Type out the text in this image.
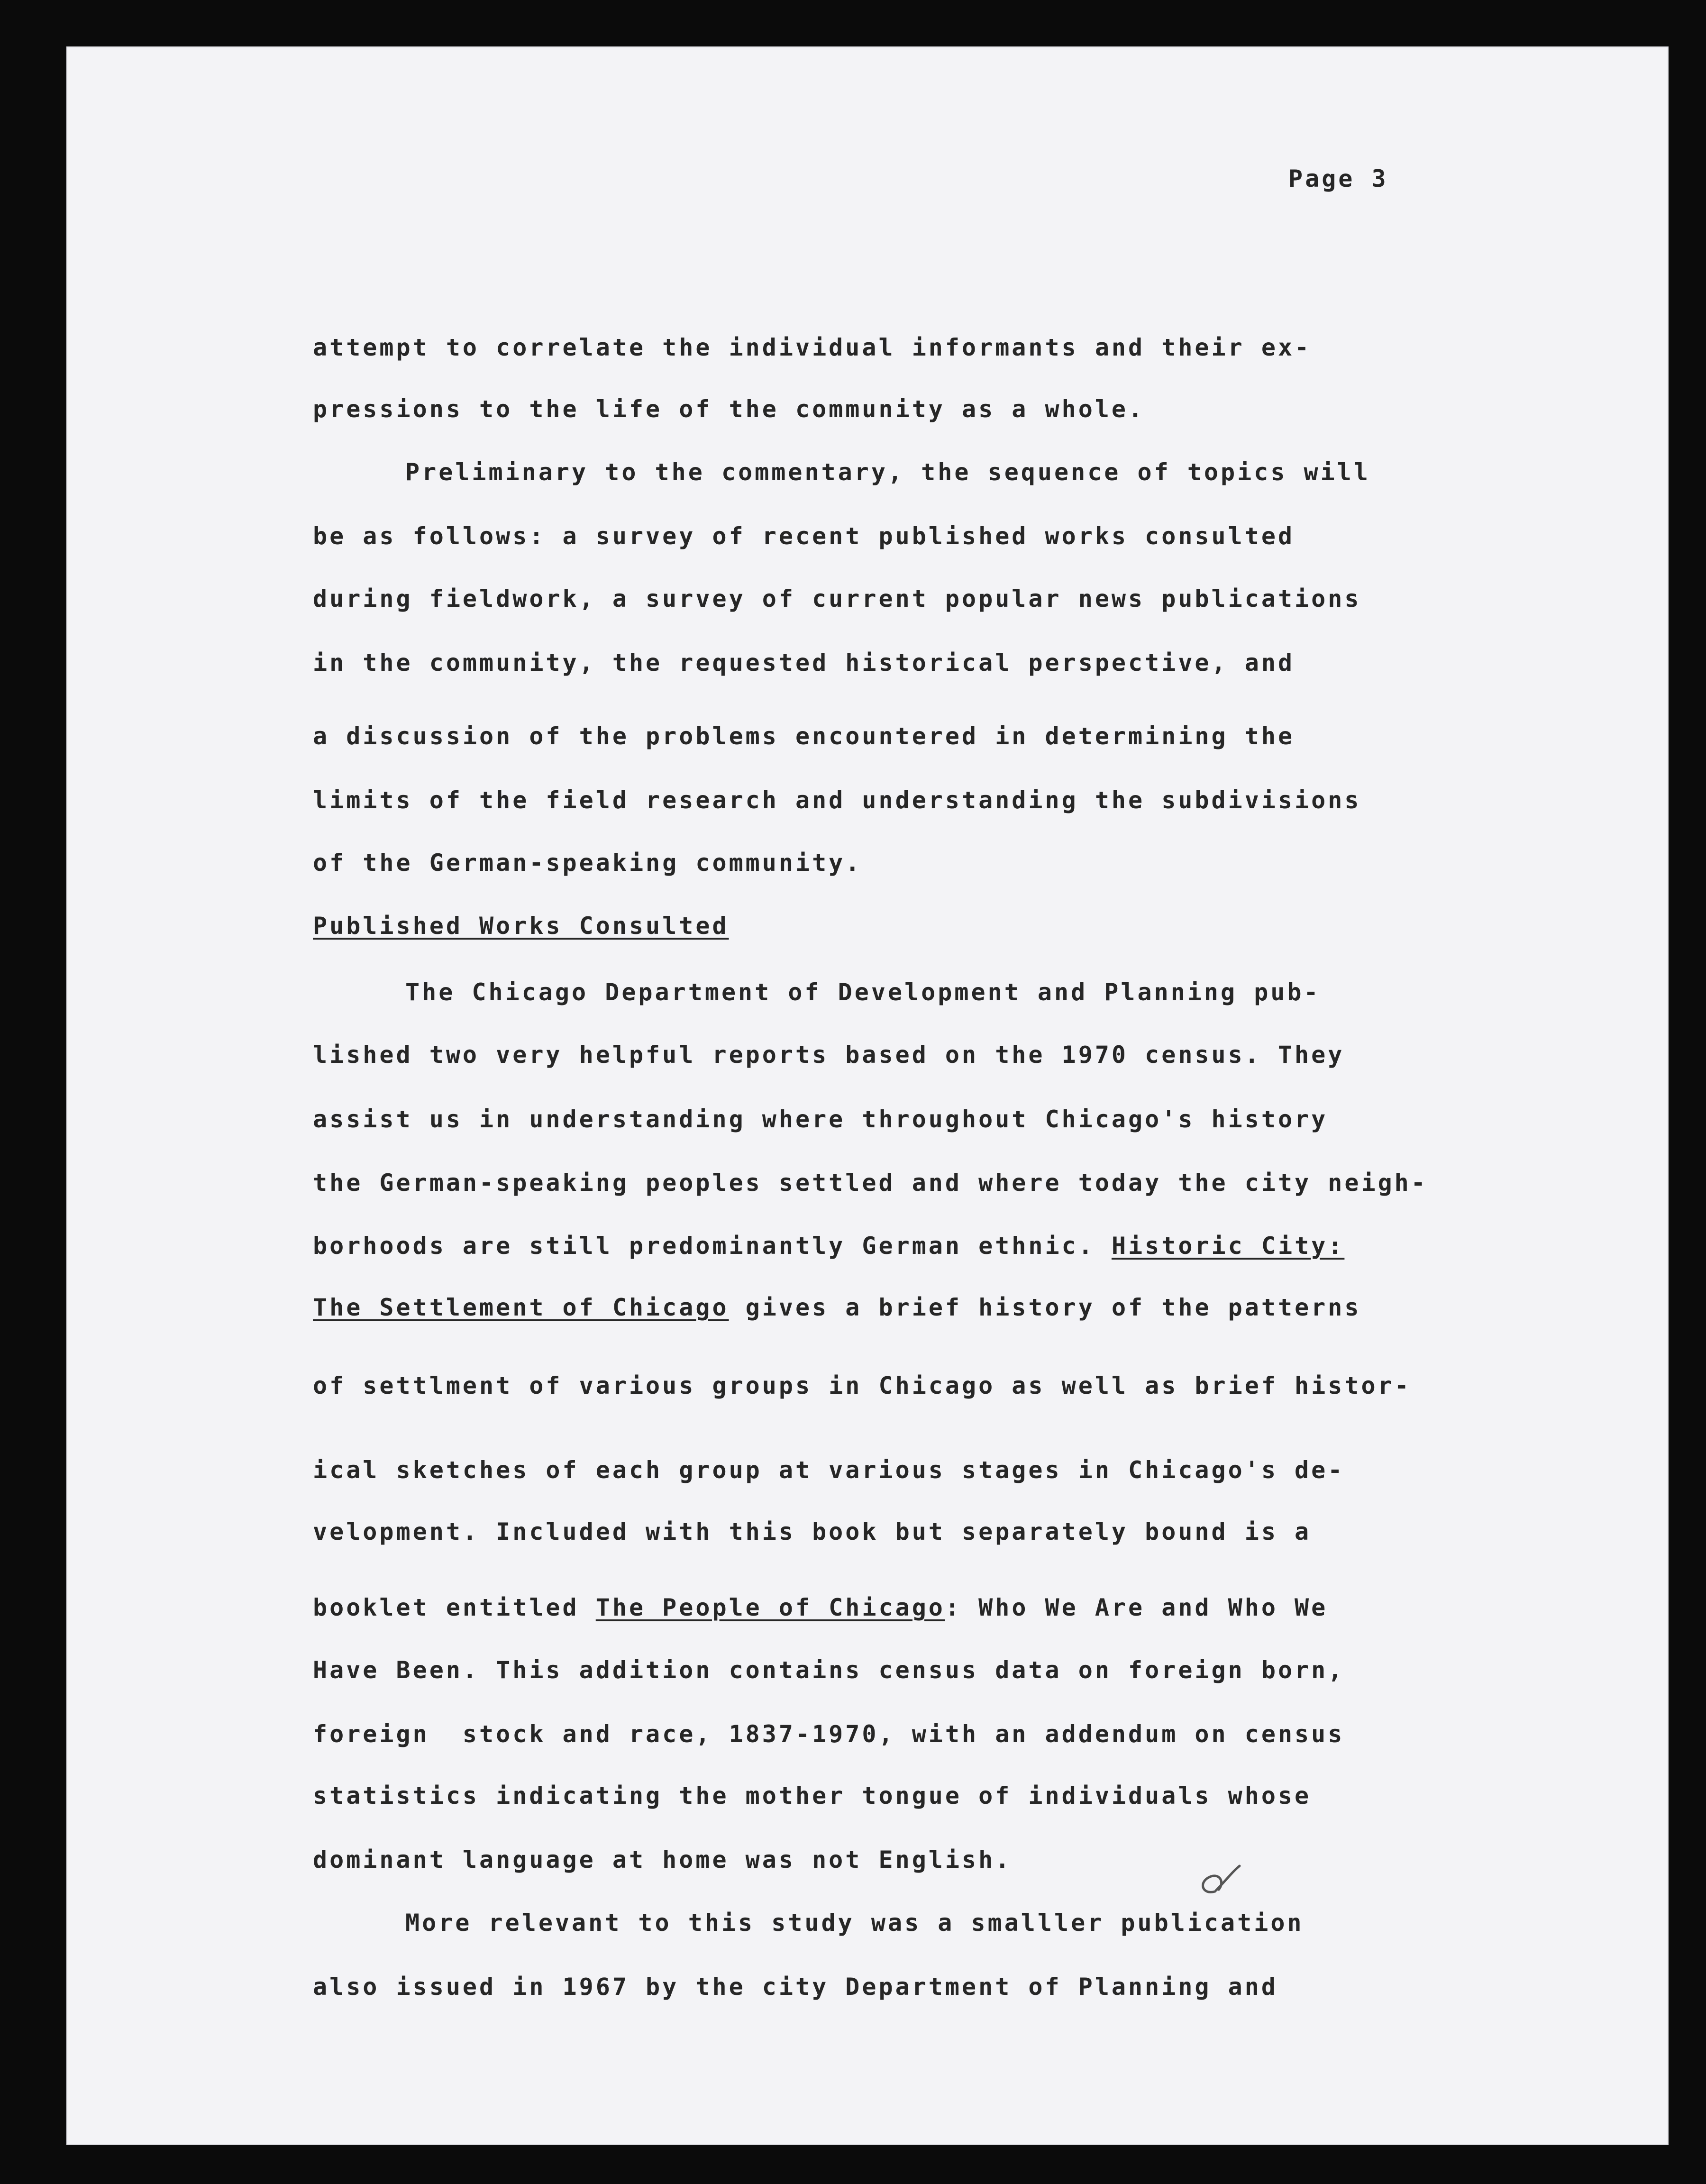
Page 3
attempt to correlate the individual informants and their ex-
pressions to the life of the community as a whole.
Preliminary to the commentary, the sequence of topics will
be as follows: a survey of recent published works consulted
during fieldwork, a survey of current popular news publications
in the community, the requested historical perspective, and
a discussion of the problems encountered in determining the
limits of the field research and understanding the subdivisions
of the German-speaking community.
Published Works Consulted
The Chicago Department of Development and Planning pub-
lished two very helpful reports based on the 1970 census. They
assist us in understanding where throughout Chicago's history
the German-speaking peoples settled and where today the city neigh-
borhoods are still predominantly German ethnic. Historic City:
The Settlement of Chicago gives a brief history of the patterns
of settlment of various groups in Chicago as well as brief histor-
ical sketches of each group at various stages in Chicago's de-
velopment. Included with this book but separately bound is a
booklet entitled The People of Chicago: Who We Are and Who We
Have Been. This addition contains census data on foreign born,
foreign  stock and race, 1837-1970, with an addendum on census
statistics indicating the mother tongue of individuals whose
dominant language at home was not English.
More relevant to this study was a smalller publication
also issued in 1967 by the city Department of Planning and
